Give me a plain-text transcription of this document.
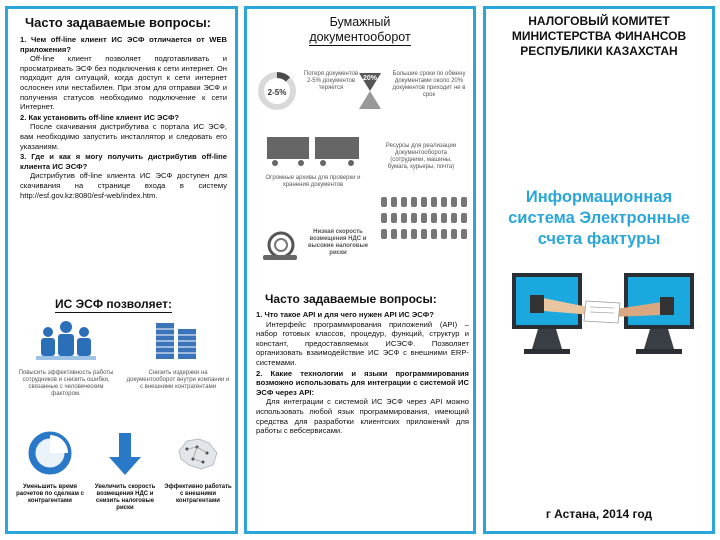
Часто задаваемые вопросы:

1. Чем off-line клиент ИС ЭСФ отличается от WEB приложения?

Off-line клиент позволяет подготавливать и просматривать ЭСФ без подключения к сети интернет. Он подходит для ситуаций, когда доступ к сети интернет ослоснен или нестабилен. При этом для отправки ЭСФ и получения статусов необходимо подключение к сети Интернет.

2. Как установить off-line клиент ИС ЭСФ?

После скачивания дистрибутива с портала ИС ЭСФ, вам необходимо запустить инсталлятор и следовать его указаниям.

3. Где и как я могу получить дистрибутив off-line клиента ИС ЭСФ?

Дистрибутив off-line клиента ИС ЭСФ доступен для скачивания на странице входа в систему http://esf.gov.kz:8080/esf-web/index.htm.

ИС ЭСФ позволяет:
Повысить эффективность работы сотрудников и снизить ошибки, связанные с человеческим фактором.
Снизить издержки на документооборот внутри компании и с внешними контрагентами
Уменьшить время расчетов по сделкам с контрагентами
Увеличить скорость возмещения НДС и снизить налоговые риски
Эффективно работать с внешними контрагентами
Бумажный
документооборот
2-5%
Потеря документов 2-5% документов теряется
20%
Большие сроки по обмену документами около 20% документов приходит не в срок
Огромные архивы для проверки и хранения документов
Ресурсы для реализации документооборота (сотрудники, машины, бумага, курьеры, почта)
Низкая скорость возмещения НДС и высокие налоговые риски
Часто задаваемые вопросы:

1. Что такое API и для чего нужен API ИС ЭСФ?

Интерфейс программирования приложений (API) – набор готовых классов, процедур, функций, структур и констант, предоставляемых ИСЭСФ. Позволяет организовать взаимодействие ИС ЭСФ с внешними ERP-системами.

2. Какие технологии и языки программирования возможно использовать для интеграции с системой ИС ЭСФ через API:

Для интеграции с системой ИС ЭСФ через API можно использовать любой язык программирования, имеющий средства для разработки клиентских приложений для работы с вебсервисами.

НАЛОГОВЫЙ КОМИТЕТ
МИНИСТЕРСТВА ФИНАНСОВ
РЕСПУБЛИКИ КАЗАХСТАН
Информационная
система Электронные
счета фактуры
г Астана, 2014 год
